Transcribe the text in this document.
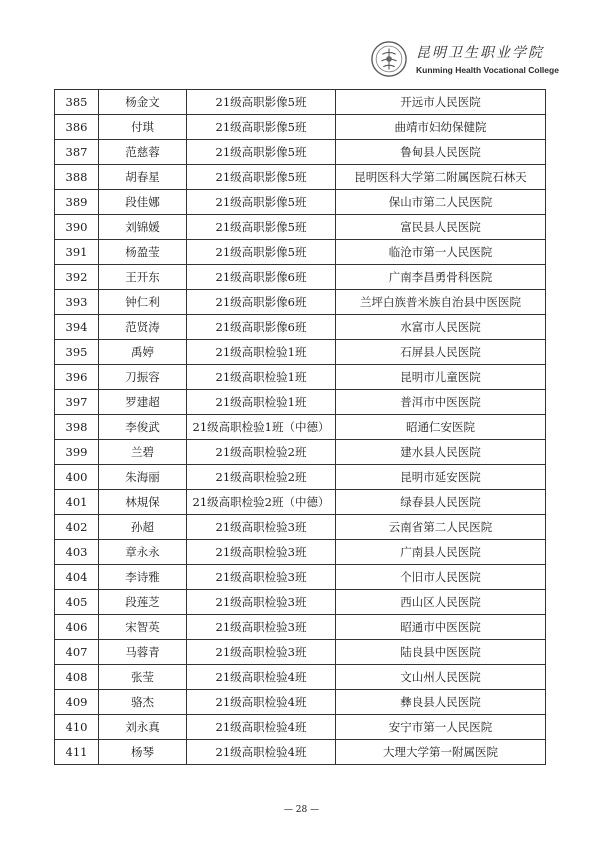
昆明卫生职业学院
Kunming Health Vocational College
385	杨金文	21级高职影像5班	开远市人民医院
386	付琪	21级高职影像5班	曲靖市妇幼保健院
387	范慈蓉	21级高职影像5班	鲁甸县人民医院
388	胡春星	21级高职影像5班	昆明医科大学第二附属医院石林天
389	段佳娜	21级高职影像5班	保山市第二人民医院
390	刘锦媛	21级高职影像5班	富民县人民医院
391	杨盈莹	21级高职影像5班	临沧市第一人民医院
392	王开东	21级高职影像6班	广南李昌勇骨科医院
393	钟仁利	21级高职影像6班	兰坪白族普米族自治县中医医院
394	范贤涛	21级高职影像6班	水富市人民医院
395	禹婷	21级高职检验1班	石屏县人民医院
396	刀振容	21级高职检验1班	昆明市儿童医院
397	罗建超	21级高职检验1班	普洱市中医医院
398	李俊武	21级高职检验1班（中德）	昭通仁安医院
399	兰碧	21级高职检验2班	建水县人民医院
400	朱海丽	21级高职检验2班	昆明市延安医院
401	林規保	21级高职检验2班（中德）	绿春县人民医院
402	孙超	21级高职检验3班	云南省第二人民医院
403	章永永	21级高职检验3班	广南县人民医院
404	李诗雅	21级高职检验3班	个旧市人民医院
405	段莲芝	21级高职检验3班	西山区人民医院
406	宋智英	21级高职检验3班	昭通市中医医院
407	马蓉青	21级高职检验3班	陆良县中医医院
408	张莹	21级高职检验4班	文山州人民医院
409	骆杰	21级高职检验4班	彝良县人民医院
410	刘永真	21级高职检验4班	安宁市第一人民医院
411	杨琴	21级高职检验4班	大理大学第一附属医院
— 28 —
